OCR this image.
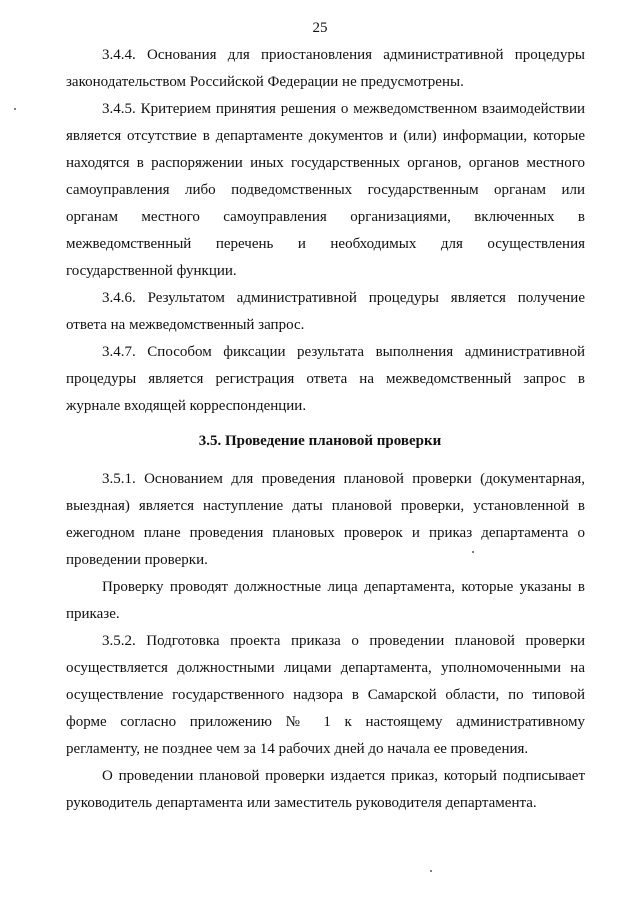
25
3.4.4. Основания для приостановления административной процедуры
законодательством Российской Федерации не предусмотрены.
3.4.5. Критерием принятия решения о межведомственном взаимодействии
является отсутствие в департаменте документов и (или) информации, которые
находятся в распоряжении иных государственных органов, органов местного
самоуправления либо подведомственных государственным органам или
органам местного самоуправления организациями, включенных в
межведомственный перечень и необходимых для осуществления
государственной функции.
3.4.6. Результатом административной процедуры является получение
ответа на межведомственный запрос.
3.4.7. Способом фиксации результата выполнения административной
процедуры является регистрация ответа на межведомственный запрос в
журнале входящей корреспонденции.
3.5.1. Основанием для проведения плановой проверки (документарная,
выездная) является наступление даты плановой проверки, установленной в
ежегодном плане проведения плановых проверок и приказ департамента о
проведении проверки.
Проверку проводят должностные лица департамента, которые указаны в
приказе.
3.5.2. Подготовка проекта приказа о проведении плановой проверки
осуществляется должностными лицами департамента, уполномоченными на
осуществление государственного надзора в Самарской области, по типовой
форме согласно приложению № 1 к настоящему административному
регламенту, не позднее чем за 14 рабочих дней до начала ее проведения.
О проведении плановой проверки издается приказ, который подписывает
руководитель департамента или заместитель руководителя департамента.
3.5. Проведение плановой проверки
